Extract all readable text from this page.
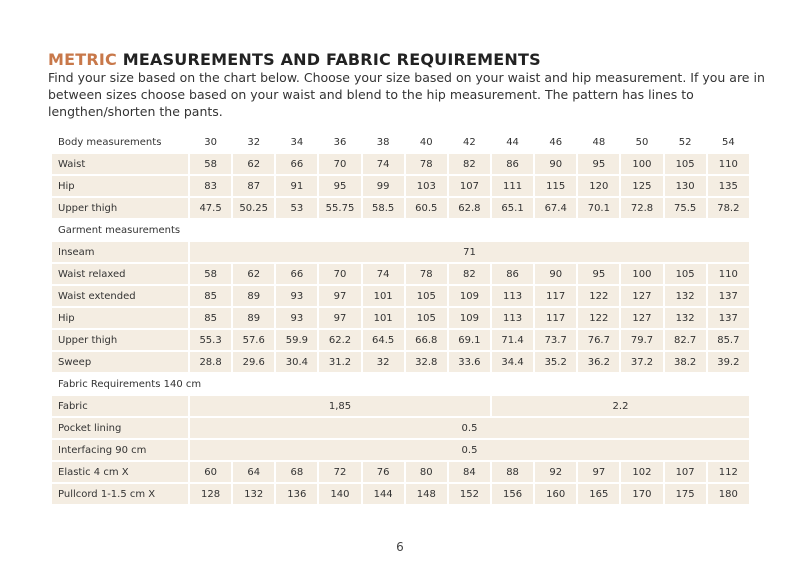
METRIC MEASUREMENTS AND FABRIC REQUIREMENTS

Find your size based on the chart below. Choose your size based on your waist and hip measurement. If you are in between sizes choose based on your waist and blend to the hip measurement. The pattern has lines to lengthen/shorten the pants.

Body measurements	30	32	34	36	38	40	42	44	46	48	50	52	54
Waist	58	62	66	70	74	78	82	86	90	95	100	105	110
Hip	83	87	91	95	99	103	107	111	115	120	125	130	135
Upper thigh	47.5	50.25	53	55.75	58.5	60.5	62.8	65.1	67.4	70.1	72.8	75.5	78.2
Garment measurements													
Inseam	71												
Waist relaxed	58	62	66	70	74	78	82	86	90	95	100	105	110
Waist extended	85	89	93	97	101	105	109	113	117	122	127	132	137
Hip	85	89	93	97	101	105	109	113	117	122	127	132	137
Upper thigh	55.3	57.6	59.9	62.2	64.5	66.8	69.1	71.4	73.7	76.7	79.7	82.7	85.7
Sweep	28.8	29.6	30.4	31.2	32	32.8	33.6	34.4	35.2	36.2	37.2	38.2	39.2
Fabric Requirements 140 cm													
Fabric	1,85							2.2					
Pocket lining	0.5												
Interfacing 90 cm	0.5												
Elastic 4 cm X	60	64	68	72	76	80	84	88	92	97	102	107	112
Pullcord 1-1.5 cm X	128	132	136	140	144	148	152	156	160	165	170	175	180
6
